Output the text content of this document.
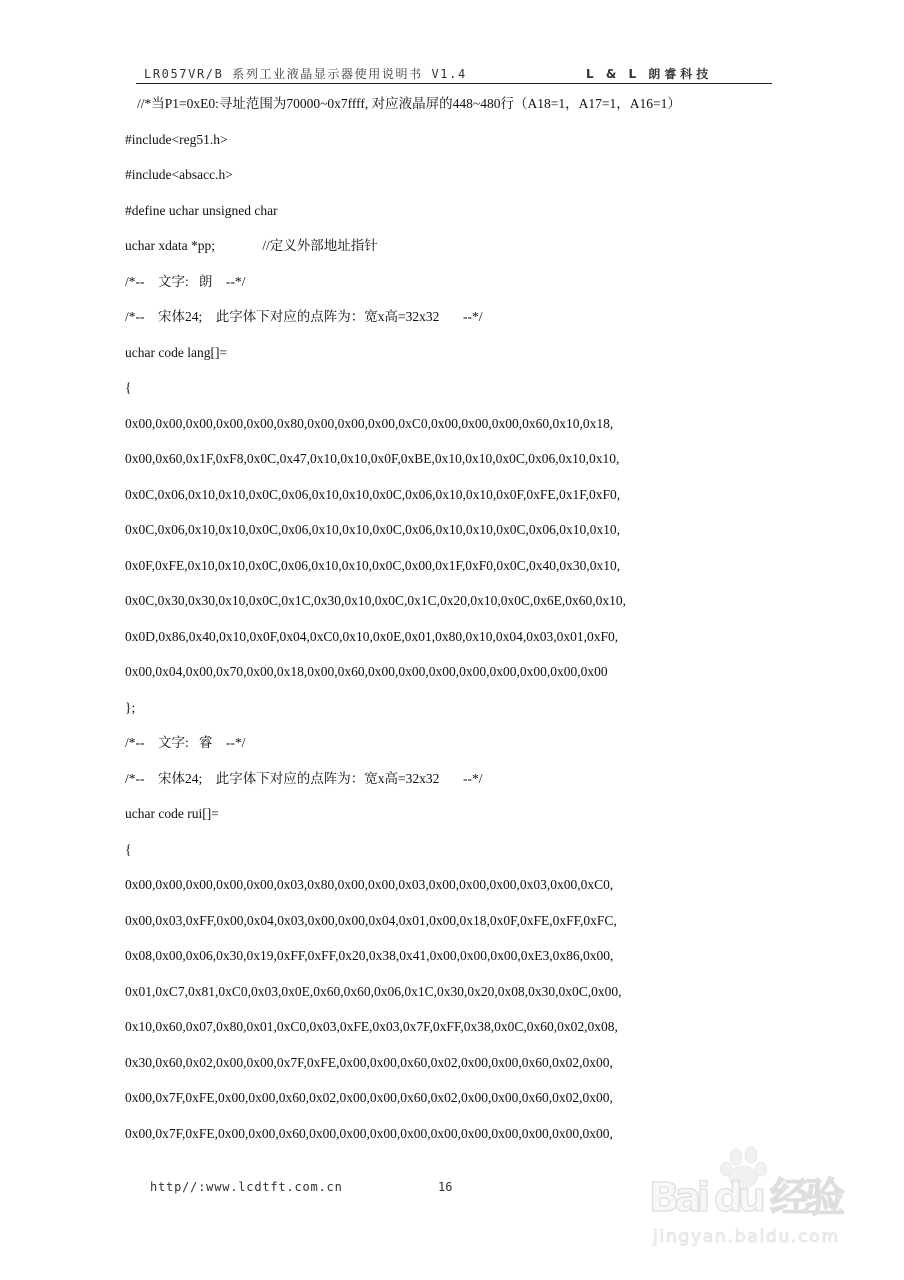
LR057VR/B 系列工业液晶显示器使用说明书 V1.4	L & L 朗睿科技
//*当P1=0xE0:寻址范围为70000~0x7ffff, 对应液晶屏的448~480行（A18=1，A17=1，A16=1）
#include<reg51.h>
#include<absacc.h>
#define uchar unsigned char
uchar xdata *pp;              //定义外部地址指针
/*--    文字:   朗    --*/
/*--    宋体24;    此字体下对应的点阵为：宽x高=32x32       --*/
uchar code lang[]=
{
0x00,0x00,0x00,0x00,0x00,0x80,0x00,0x00,0x00,0xC0,0x00,0x00,0x00,0x60,0x10,0x18,
0x00,0x60,0x1F,0xF8,0x0C,0x47,0x10,0x10,0x0F,0xBE,0x10,0x10,0x0C,0x06,0x10,0x10,
0x0C,0x06,0x10,0x10,0x0C,0x06,0x10,0x10,0x0C,0x06,0x10,0x10,0x0F,0xFE,0x1F,0xF0,
0x0C,0x06,0x10,0x10,0x0C,0x06,0x10,0x10,0x0C,0x06,0x10,0x10,0x0C,0x06,0x10,0x10,
0x0F,0xFE,0x10,0x10,0x0C,0x06,0x10,0x10,0x0C,0x00,0x1F,0xF0,0x0C,0x40,0x30,0x10,
0x0C,0x30,0x30,0x10,0x0C,0x1C,0x30,0x10,0x0C,0x1C,0x20,0x10,0x0C,0x6E,0x60,0x10,
0x0D,0x86,0x40,0x10,0x0F,0x04,0xC0,0x10,0x0E,0x01,0x80,0x10,0x04,0x03,0x01,0xF0,
0x00,0x04,0x00,0x70,0x00,0x18,0x00,0x60,0x00,0x00,0x00,0x00,0x00,0x00,0x00,0x00
};
/*--    文字:   睿    --*/
/*--    宋体24;    此字体下对应的点阵为：宽x高=32x32       --*/
uchar code rui[]=
{
0x00,0x00,0x00,0x00,0x00,0x03,0x80,0x00,0x00,0x03,0x00,0x00,0x00,0x03,0x00,0xC0,
0x00,0x03,0xFF,0x00,0x04,0x03,0x00,0x00,0x04,0x01,0x00,0x18,0x0F,0xFE,0xFF,0xFC,
0x08,0x00,0x06,0x30,0x19,0xFF,0xFF,0x20,0x38,0x41,0x00,0x00,0x00,0xE3,0x86,0x00,
0x01,0xC7,0x81,0xC0,0x03,0x0E,0x60,0x60,0x06,0x1C,0x30,0x20,0x08,0x30,0x0C,0x00,
0x10,0x60,0x07,0x80,0x01,0xC0,0x03,0xFE,0x03,0x7F,0xFF,0x38,0x0C,0x60,0x02,0x08,
0x30,0x60,0x02,0x00,0x00,0x7F,0xFE,0x00,0x00,0x60,0x02,0x00,0x00,0x60,0x02,0x00,
0x00,0x7F,0xFE,0x00,0x00,0x60,0x02,0x00,0x00,0x60,0x02,0x00,0x00,0x60,0x02,0x00,
0x00,0x7F,0xFE,0x00,0x00,0x60,0x00,0x00,0x00,0x00,0x00,0x00,0x00,0x00,0x00,0x00,
http//:www.lcdtft.com.cn	16	Bai du 经验
jingyan.baidu.com
